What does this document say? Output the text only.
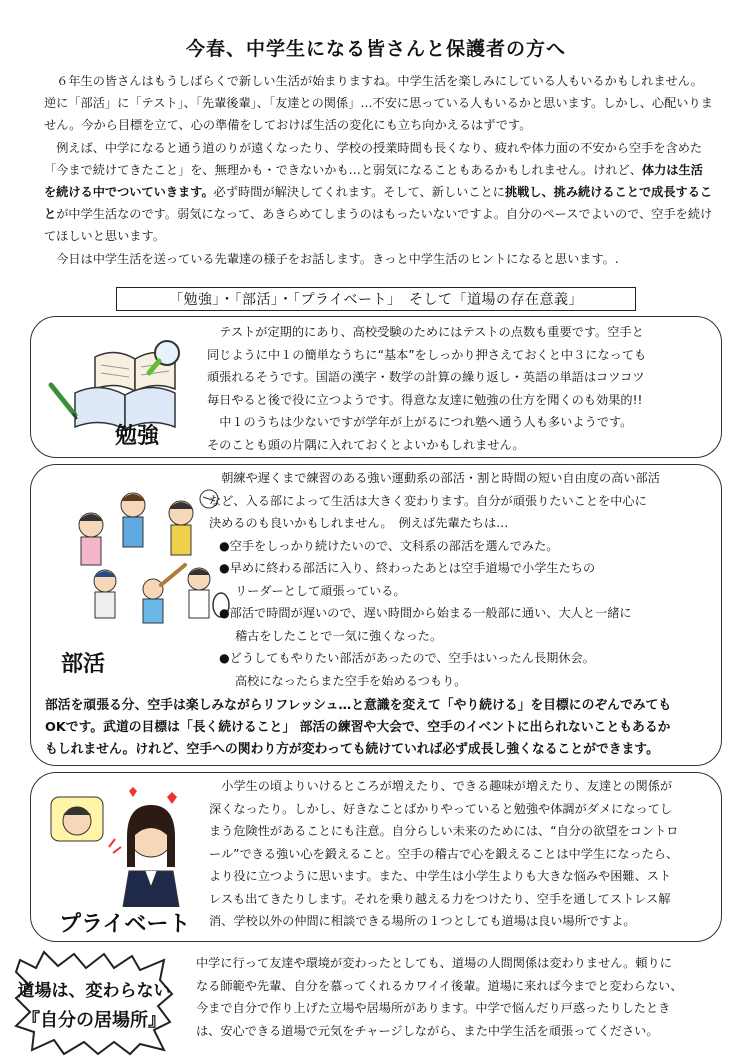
今春、中学生になる皆さんと保護者の方へ

６年生の皆さんはもうしばらくで新しい生活が始まりますね。中学生活を楽しみにしている人もいるかもしれません。逆に「部活」に「テスト」、「先輩後輩」、「友達との関係」…不安に思っている人もいるかと思います。しかし、心配いりません。今から目標を立て、心の準備をしておけば生活の変化にも立ち向かえるはずです。

例えば、中学になると通う道のりが遠くなったり、学校の授業時間も長くなり、疲れや体力面の不安から空手を含めた「今まで続けてきたこと」を、無理かも・できないかも…と弱気になることもあるかもしれません。けれど、体力は生活を続ける中でついていきます。必ず時間が解決してくれます。そして、新しいことに挑戦し、挑み続けることで成長することが中学生活なのです。弱気になって、あきらめてしまうのはもったいないですよ。自分のペースでよいので、空手を続けてほしいと思います。

今日は中学生活を送っている先輩達の様子をお話します。きっと中学生活のヒントになると思います。.

「勉強」・「部活」・「プライベート」　そして「道場の存在意義」
勉強

テストが定期的にあり、高校受験のためにはテストの点数も重要です。空手と

同じように中１の簡単なうちに“基本”をしっかり押さえておくと中３になっても

頑張れるそうです。国語の漢字・数学の計算の繰り返し・英語の単語はコツコツ

毎日やると後で役に立つようです。得意な友達に勉強の仕方を聞くのも効果的!!

中１のうちは少ないですが学年が上がるにつれ塾へ通う人も多いようです。

そのことも頭の片隅に入れておくとよいかもしれません。

部活

朝練や遅くまで練習のある強い運動系の部活・割と時間の短い自由度の高い部活

など、入る部によって生活は大きく変わります。自分が頑張りたいことを中心に

決めるのも良いかもしれません。　例えば先輩たちは…

●空手をしっかり続けたいので、文科系の部活を選んでみた。

●早めに終わる部活に入り、終わったあとは空手道場で小学生たちの

リーダーとして頑張っている。

●部活で時間が遅いので、遅い時間から始まる一般部に通い、大人と一緒に

稽古をしたことで一気に強くなった。

●どうしてもやりたい部活があったので、空手はいったん長期休会。

高校になったらまた空手を始めるつもり。

部活を頑張る分、空手は楽しみながらリフレッシュ…と意識を変えて「やり続ける」を目標にのぞんでみても

OKです。武道の目標は「長く続けること」 部活の練習や大会で、空手のイベントに出られないこともあるか

もしれません。けれど、空手への関わり方が変わっても続けていれば必ず成長し強くなることができます。

プライベート

小学生の頃よりいけるところが増えたり、できる趣味が増えたり、友達との関係が

深くなったり。しかし、好きなことばかりやっていると勉強や体調がダメになってし

まう危険性があることにも注意。自分らしい未来のためには、“自分の欲望をコントロ

ール”できる強い心を鍛えること。空手の稽古で心を鍛えることは中学生になったら、

より役に立つように思います。また、中学生は小学生よりも大きな悩みや困難、スト

レスも出てきたりします。それを乗り越える力をつけたり、空手を通してストレス解

消、学校以外の仲間に相談できる場所の１つとしても道場は良い場所ですよ。

道場は、変わらない
『自分の居場所』

中学に行って友達や環境が変わったとしても、道場の人間関係は変わりません。頼りに

なる師範や先輩、自分を慕ってくれるカワイイ後輩。道場に来れば今までと変わらない、

今まで自分で作り上げた立場や居場所があります。中学で悩んだり戸惑ったりしたとき

は、安心できる道場で元気をチャージしながら、また中学生活を頑張ってください。
